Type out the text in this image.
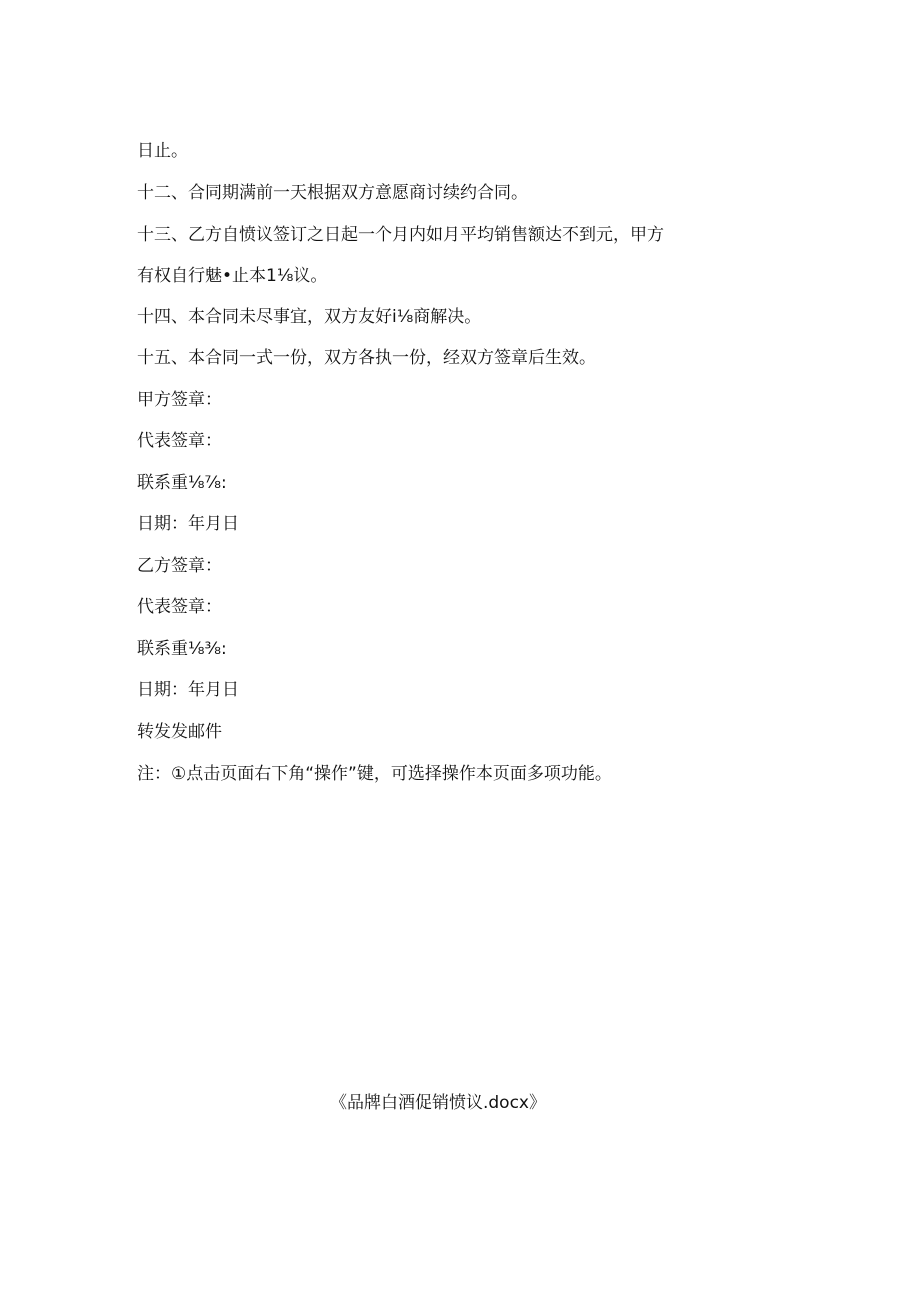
日止。
十二、合同期满前一天根据双方意愿商讨续约合同。
十三、乙方自愤议签订之日起一个月内如月平均销售额达不到元，甲方
有权自行魅•止本1⅛议。
十四、本合同未尽事宜，双方友好i⅛商解决。
十五、本合同一式一份，双方各执一份，经双方签章后生效。
甲方签章：
代表签章：
联系重⅛⅞:
日期：年月日
乙方签章：
代表签章：
联系重⅛⅜:
日期：年月日
转发发邮件
注：①点击页面右下角“操作”键，可选择操作本页面多项功能。
《品牌白酒促销愤议.docx》
